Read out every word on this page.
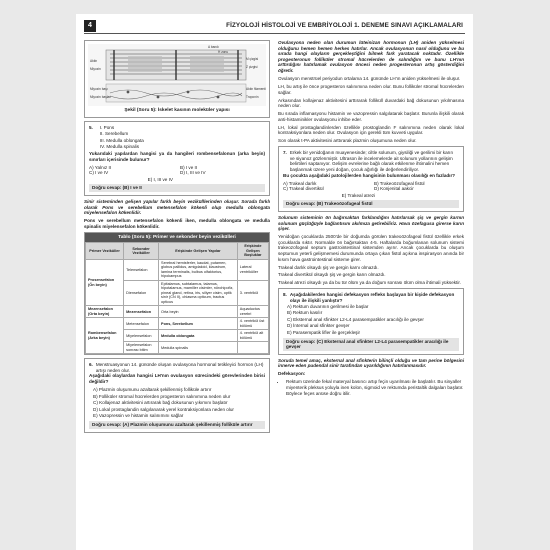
4	FİZYOLOJİ HİSTOLOJİ VE EMBRİYOLOJİ 1. DENEME SINAVI AÇIKLAMALARI
A bandı
H zonu
M çizgisi
Z çizgisi
Aktin
Miyozin
Miyozin başı
Miyozin başları
Aktin filamenti
Troponin
Şekil (Soru 5): İskelet kasının moleküler yapısı
5. I. Pons
II. Serebellum
III. Medulla oblongata
IV. Medulla spinalis

Yukarıdaki yapılardan hangisi ya da hangileri rombensefalonun (arka beyin) sınırları içerisinde bulunur?

A) Yalnız II	B) I ve II
C) I ve IV	D) I, III ve IV
E) I, III ve IV
Doğru cevap: (B) I ve II

Sinir sisteminden gelişen yapılar farklı beyin vezikülllerinden oluşur. Sorada farklı olarak Pons ve serebellum metensefalon kökenli olup medulla oblongata miyelensefalon kökenlidir.

Pons ve serebellum metensefalon kökenli iken, medulla oblongata ve medulla spinalis miyelensefalon kökenlidir.

Tablo (Soru 5): Primer ve sekonder beyin vezikülleri
Primer Veziküller	Sekonder Veziküller	Erişkinde Gelişen Yapılar	Erişkinde Gelişen Boşluklar
Prosensefalon (Ön beyin)	Telensefalon	Serebral hemisferler, kaudat, putamen, globus pallidus, amigdaloid, klaustrum, lamina terminalis, bulbus olfaktorius, hipokampus	Lateral ventriküller
	Diensefalon	Epitalamus, subtalamus, talamus, hipotalamus, mamiller cisimler, nörohipofiz, pineal gland, retina, iris, siliyer cisim, optik sinir (CN II), chiasma opticum, tractus opticus	3. ventrikül
Mezensefalon (Orta beyin)	Mezensefalon	Orta beyin	Aquaductus cerebri
Rombensefalon (Arka beyin)	Metensefalon	Pons, Serebellum	4. ventrikül üst bölümü
	Miyelensefalon	Medulla oblongata	4. ventrikül alt bölümü
	Miyelensefalon sonrası bitim	Medulla spinalis	
6. Menstruasyonun 14. gününde oluşan ovulasyona hormonal tetikleyici hormon (LH) artışı neden olur.

Aşağıdaki olaylardan hangisi LH'nın ovulasyon sürecindeki görevlerinden birisi değildir?

A) Plazmin oluşumunu azaltarak şekillenmiş folliküle artırır
B) Folliküler stromal hücrelerden progesteron salınımına neden olur
C) Kollajenaz aktivitesini artırarak bağ dokusunun yıkımını başlatır
D) Lokal prostaglandin salgılanarak yerel kontraksiyonlara neden olur
E) Vazopressin ve histamin salınımını sağlar
Doğru cevap: (A) Plazmin oluşumunu azaltarak şekillenmiş folliküle artırır

Ovulasyona neden olan durumun lüteinizan hormonun (LH) aniden yükselmesi olduğunu hemen hemen herkes hatırlar. Ancak ovulasyonun nasıl olduğunu ve bu sırada hangi olayların gerçekleştiğini bilmek fark yaratacak noktadır. Özellikle progesteronun folliküler stromal hücrelerden de salındığını ve bunu LH'nın arttırdığını hatırlamak ovulasyon öncesi neden progesteronun artış gösterdiğini öğretir.

Ovulasyon menstrüel periyodun ortalama 14. gününde LH'ın aniden yükselmesi ile oluşur.

LH, bu artış ile önce progesteron salınımına neden olur. Bunu folliküler stromal hücrelerden sağlar.

Arkasından kollajenaz aktivitesini arttırarak folliküll duvardaki bağ dokusunun yıkılmasına neden olur.

Bu sırada inflamasyonu histamin ve vazopressin salgılatarak başlatır. Burunla ilişkili olarak anti-histaminikler ovulasyonu inhibe eder.

LH, lokal prostaglandinlerden özellikle prostoglandin F salınımına neden olarak lokal kontraksiyonlara neden olur. Ovulasyon için gerekli tüm kuvveti uygular.

Son olarak t-PA aktivitesini arttırarak plazmin oluşumuna neden olur.

7. Erkek bir yenidoğanın muayenesinde; ciltle solunum, giysiliği ve gerilimi bir karın ve siyanoz gözlenmiştir. Ultrason ile incelemelerde ait solunum yollarının gelişim belirtileri saptanıyor. Gelişim evrelerine bağlı olarak etkilenme ihtimalini hemen başlanmak üzere yeni doğan, çocuk ağırlığı ile değerlendiriliyor.

Bu çocukta aşağıdaki patolojilerden hangisinin bulunması olasılığı en fazladır?

A) Trakeal darlık	B) Trakeoözofageal fistül
C) Trakeal divertikül	D) Konjenital aakcir
E) Trakeal atrezi
Doğru cevap: (B) Trakeoözofageal fistül

Solunum sisteminin ön bağırsaktan farklandığını hatırlarsak şiş ve gergin karnın solunum güçlüğüyle bağlantısını akılmıza getirebiliriz. Hava özefagusa girerse karın şişer.

Yenidoğan çocuklarda 2500'de bir doğumda görülen trakeoözofageal fistül özellikle erkek çocuklarda sıktır. Normalde ön bağırsaktan 4-5. Haftalarda boğumlanan solunum sistemi trakeozofogeal septum gastrointestinal sistemden ayırır. Ancak çocuklarda bu oluşum septumun yeterli gelişmemesi durumunda ortaya çıkan fistül açıkına inspirasyon anında bir kısım hava gastrointestinal sisteme girer.

Trakeal darlık olsaydı şiş ve gergin karnı olmazdı.

Trakeal divertikül olsaydı şiş ve gergin karın olmazdı.

Trakeal atrezi olsaydı ya da bu tür ölüm ya da doğum sonrası ölüm olma ihtimali yüksektir.

8. Aşağıdakilerden hangisi defekasyon refleks başlayan bir kişide defekasyon olayı ile ilişkili yanlıştır?
A) Rektum duvarının gerilmesi ile başlar
B) Rektum kasılır
C) Eksternal anal sfinkter L2-L4 parasempatikler aracılığı ile gevşer
D) İnternal anal sfinkter gevşer
E) Parasempatik lifler ile gerçekleşir
Doğru cevap: (C) Eksternal anal sfinkter L2-L4 parasempatikler aracılığı ile gevşer

Soruda temel amaç, eksternal anal sfinkterin bilinçli olduğu ve tam perine bölgesini innerve eden pudendal sinir tarafından uyarıldığının hatırlanmasıdır.

Defekasyon:

• Rektum üzerinde fekal materyal basıncı artıp feçin uyarılması ile başlatılır. Bu sinyaller miyenterik pleksus yoluyla inen kolon, sigmoid ve rektumda peristaltik dalgaları başlatır. Böylece feçes anüse doğru itilir.
